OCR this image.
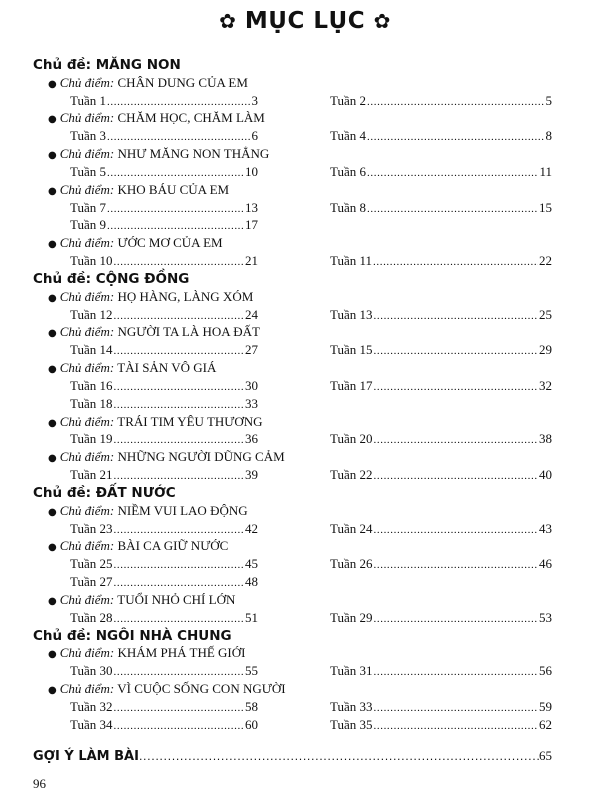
✿ MỤC LỤC ✿
Chủ đề: MĂNG NON
● Chủ điểm: CHÂN DUNG CỦA EM
Tuần 1 .....	3	Tuần 2 .....	5
● Chủ điểm: CHĂM HỌC, CHĂM LÀM
Tuần 3 .....	6	Tuần 4 .....	8
● Chủ điểm: NHƯ MĂNG NON THẲNG
Tuần 5 .....	10	Tuần 6 .....	11
● Chủ điểm: KHO BÁU CỦA EM
Tuần 7 .....	13	Tuần 8 .....	15
Tuần 9 .....	17
● Chủ điểm: ƯỚC MƠ CỦA EM
Tuần 10 .....	21	Tuần 11 .....	22
Chủ đề: CỘNG ĐỒNG
● Chủ điểm: HỌ HÀNG, LÀNG XÓM
Tuần 12 .....	24	Tuần 13 .....	25
● Chủ điểm: NGƯỜI TA LÀ HOA ĐẤT
Tuần 14 .....	27	Tuần 15 .....	29
● Chủ điểm: TÀI SẢN VÔ GIÁ
Tuần 16 .....	30	Tuần 17 .....	32
Tuần 18 .....	33
● Chủ điểm: TRÁI TIM YÊU THƯƠNG
Tuần 19 .....	36	Tuần 20 .....	38
● Chủ điểm: NHỮNG NGƯỜI DŨNG CẢM
Tuần 21 .....	39	Tuần 22 .....	40
Chủ đề: ĐẤT NƯỚC
● Chủ điểm: NIỀM VUI LAO ĐỘNG
Tuần 23 .....	42	Tuần 24 .....	43
● Chủ điểm: BÀI CA GIỮ NƯỚC
Tuần 25 .....	45	Tuần 26 .....	46
Tuần 27 .....	48
● Chủ điểm: TUỔI NHỎ CHÍ LỚN
Tuần 28 .....	51	Tuần 29 .....	53
Chủ đề: NGÔI NHÀ CHUNG
● Chủ điểm: KHÁM PHÁ THẾ GIỚI
Tuần 30 .....	55	Tuần 31 .....	56
● Chủ điểm: VÌ CUỘC SỐNG CON NGƯỜI
Tuần 32 .....	58	Tuần 33 .....	59
Tuần 34 .....	60	Tuần 35 .....	62
GỢI Ý LÀM BÀI .....	65
96
